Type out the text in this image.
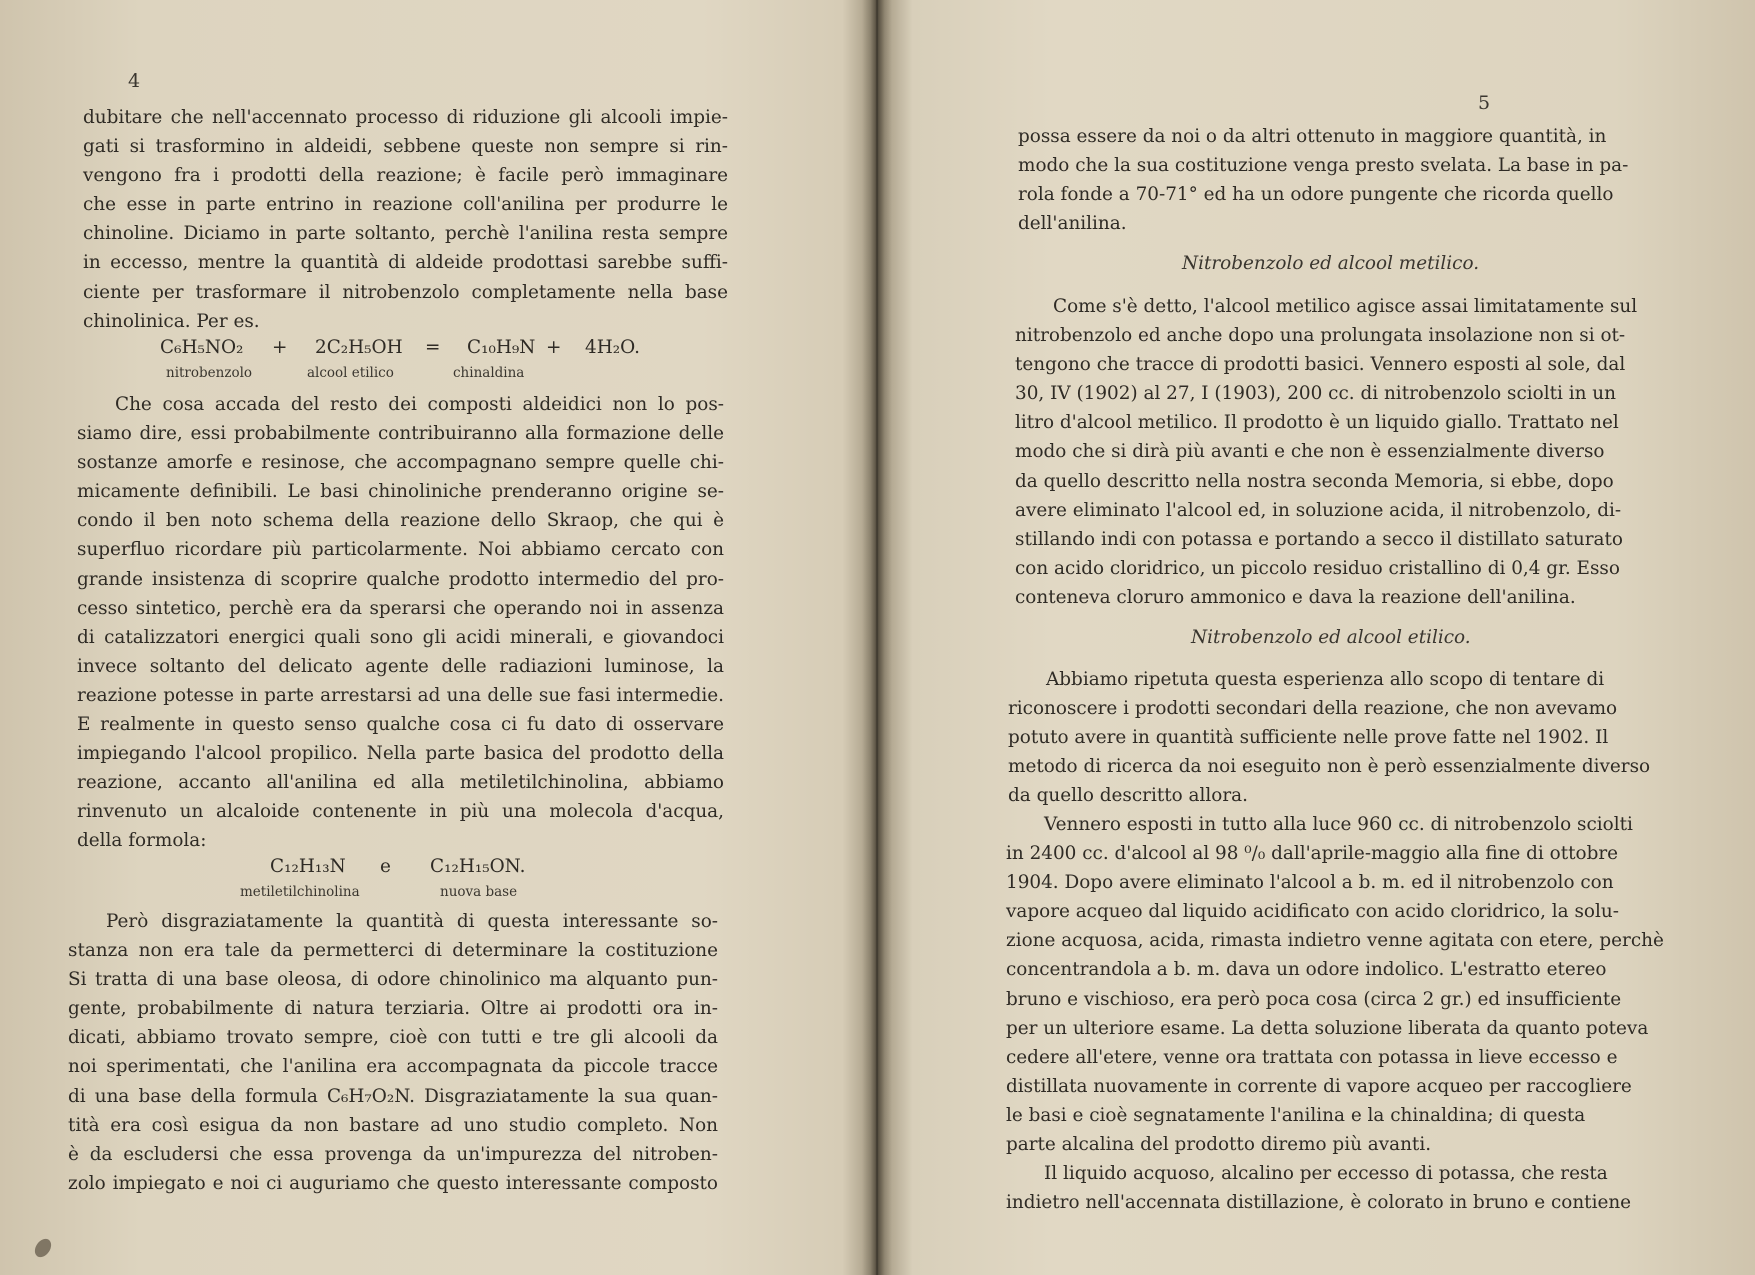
4
dubitare che nell'accennato processo di riduzione gli alcooli impie-
gati si trasformino in aldeidi, sebbene queste non sempre si rin-
vengono fra i prodotti della reazione; è facile però immaginare
che esse in parte entrino in reazione coll'anilina per produrre le
chinoline. Diciamo in parte soltanto, perchè l'anilina resta sempre
in eccesso, mentre la quantità di aldeide prodottasi sarebbe suffi-
ciente per trasformare il nitrobenzolo completamente nella base
chinolinica. Per es.
C₆H₅NO₂ + 2C₂H₅OH = C₁₀H₉N + 4H₂O.
nitrobenzolo	alcool etilico	chinaldina
Che cosa accada del resto dei composti aldeidici non lo pos-
siamo dire, essi probabilmente contribuiranno alla formazione delle
sostanze amorfe e resinose, che accompagnano sempre quelle chi-
micamente definibili. Le basi chinoliniche prenderanno origine se-
condo il ben noto schema della reazione dello Skraop, che qui è
superfluo ricordare più particolarmente. Noi abbiamo cercato con
grande insistenza di scoprire qualche prodotto intermedio del pro-
cesso sintetico, perchè era da sperarsi che operando noi in assenza
di catalizzatori energici quali sono gli acidi minerali, e giovandoci
invece soltanto del delicato agente delle radiazioni luminose, la
reazione potesse in parte arrestarsi ad una delle sue fasi intermedie.
E realmente in questo senso qualche cosa ci fu dato di osservare
impiegando l'alcool propilico. Nella parte basica del prodotto della
reazione, accanto all'anilina ed alla metiletilchinolina, abbiamo
rinvenuto un alcaloide contenente in più una molecola d'acqua,
della formola:
C₁₂H₁₃N e C₁₂H₁₅ON.
metiletilchinolina	nuova base
Però disgraziatamente la quantità di questa interessante so-
stanza non era tale da permetterci di determinare la costituzione
Si tratta di una base oleosa, di odore chinolinico ma alquanto pun-
gente, probabilmente di natura terziaria. Oltre ai prodotti ora in-
dicati, abbiamo trovato sempre, cioè con tutti e tre gli alcooli da
noi sperimentati, che l'anilina era accompagnata da piccole tracce
di una base della formula C₆H₇O₂N. Disgraziatamente la sua quan-
tità era così esigua da non bastare ad uno studio completo. Non
è da escludersi che essa provenga da un'impurezza del nitroben-
zolo impiegato e noi ci auguriamo che questo interessante composto
5
possa essere da noi o da altri ottenuto in maggiore quantità, in
modo che la sua costituzione venga presto svelata. La base in pa-
rola fonde a 70-71° ed ha un odore pungente che ricorda quello
dell'anilina.
Nitrobenzolo ed alcool metilico.
Come s'è detto, l'alcool metilico agisce assai limitatamente sul
nitrobenzolo ed anche dopo una prolungata insolazione non si ot-
tengono che tracce di prodotti basici. Vennero esposti al sole, dal
30, IV (1902) al 27, I (1903), 200 cc. di nitrobenzolo sciolti in un
litro d'alcool metilico. Il prodotto è un liquido giallo. Trattato nel
modo che si dirà più avanti e che non è essenzialmente diverso
da quello descritto nella nostra seconda Memoria, si ebbe, dopo
avere eliminato l'alcool ed, in soluzione acida, il nitrobenzolo, di-
stillando indi con potassa e portando a secco il distillato saturato
con acido cloridrico, un piccolo residuo cristallino di 0,4 gr. Esso
conteneva cloruro ammonico e dava la reazione dell'anilina.
Nitrobenzolo ed alcool etilico.
Abbiamo ripetuta questa esperienza allo scopo di tentare di
riconoscere i prodotti secondari della reazione, che non avevamo
potuto avere in quantità sufficiente nelle prove fatte nel 1902. Il
metodo di ricerca da noi eseguito non è però essenzialmente diverso
da quello descritto allora.
Vennero esposti in tutto alla luce 960 cc. di nitrobenzolo sciolti
in 2400 cc. d'alcool al 98 ⁰/₀ dall'aprile-maggio alla fine di ottobre
1904. Dopo avere eliminato l'alcool a b. m. ed il nitrobenzolo con
vapore acqueo dal liquido acidificato con acido cloridrico, la solu-
zione acquosa, acida, rimasta indietro venne agitata con etere, perchè
concentrandola a b. m. dava un odore indolico. L'estratto etereo
bruno e vischioso, era però poca cosa (circa 2 gr.) ed insufficiente
per un ulteriore esame. La detta soluzione liberata da quanto poteva
cedere all'etere, venne ora trattata con potassa in lieve eccesso e
distillata nuovamente in corrente di vapore acqueo per raccogliere
le basi e cioè segnatamente l'anilina e la chinaldina; di questa
parte alcalina del prodotto diremo più avanti.
Il liquido acquoso, alcalino per eccesso di potassa, che resta
indietro nell'accennata distillazione, è colorato in bruno e contiene
